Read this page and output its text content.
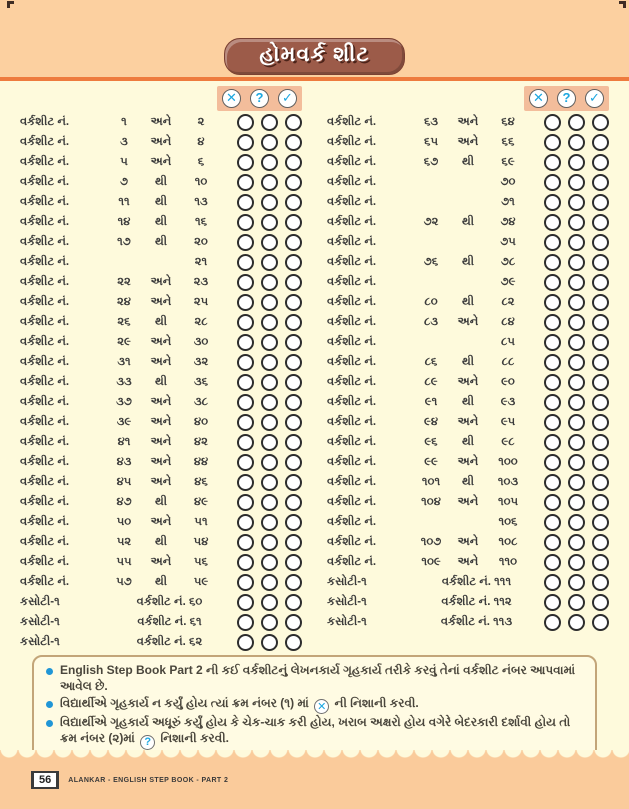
હોમવર્ક શીટ
✕	?	✓
વર્કશીટ નં.	૧	અને	૨
વર્કશીટ નં.	૩	અને	૪
વર્કશીટ નં.	૫	અને	૬
વર્કશીટ નં.	૭	થી	૧૦
વર્કશીટ નં.	૧૧	થી	૧૩
વર્કશીટ નં.	૧૪	થી	૧૬
વર્કશીટ નં.	૧૭	થી	૨૦
વર્કશીટ નં.	૨૧
વર્કશીટ નં.	૨૨	અને	૨૩
વર્કશીટ નં.	૨૪	અને	૨૫
વર્કશીટ નં.	૨૬	થી	૨૮
વર્કશીટ નં.	૨૯	અને	૩૦
વર્કશીટ નં.	૩૧	અને	૩૨
વર્કશીટ નં.	૩૩	થી	૩૬
વર્કશીટ નં.	૩૭	અને	૩૮
વર્કશીટ નં.	૩૯	અને	૪૦
વર્કશીટ નં.	૪૧	અને	૪૨
વર્કશીટ નં.	૪૩	અને	૪૪
વર્કશીટ નં.	૪૫	અને	૪૬
વર્કશીટ નં.	૪૭	થી	૪૯
વર્કશીટ નં.	૫૦	અને	૫૧
વર્કશીટ નં.	૫૨	થી	૫૪
વર્કશીટ નં.	૫૫	અને	૫૬
વર્કશીટ નં.	૫૭	થી	૫૯
કસોટી-૧	વર્કશીટ નં. ૬૦
કસોટી-૧	વર્કશીટ નં. ૬૧
કસોટી-૧	વર્કશીટ નં. ૬૨
✕	?	✓
વર્કશીટ નં.	૬૩	અને	૬૪
વર્કશીટ નં.	૬૫	અને	૬૬
વર્કશીટ નં.	૬૭	થી	૬૯
વર્કશીટ નં.	૭૦
વર્કશીટ નં.	૭૧
વર્કશીટ નં.	૭૨	થી	૭૪
વર્કશીટ નં.	૭૫
વર્કશીટ નં.	૭૬	થી	૭૮
વર્કશીટ નં.	૭૯
વર્કશીટ નં.	૮૦	થી	૮૨
વર્કશીટ નં.	૮૩	અને	૮૪
વર્કશીટ નં.	૮૫
વર્કશીટ નં.	૮૬	થી	૮૮
વર્કશીટ નં.	૮૯	અને	૯૦
વર્કશીટ નં.	૯૧	થી	૯૩
વર્કશીટ નં.	૯૪	અને	૯૫
વર્કશીટ નં.	૯૬	થી	૯૮
વર્કશીટ નં.	૯૯	અને	૧૦૦
વર્કશીટ નં.	૧૦૧	થી	૧૦૩
વર્કશીટ નં.	૧૦૪	અને	૧૦૫
વર્કશીટ નં.	૧૦૬
વર્કશીટ નં.	૧૦૭	અને	૧૦૮
વર્કશીટ નં.	૧૦૯	અને	૧૧૦
કસોટી-૧	વર્કશીટ નં. ૧૧૧
કસોટી-૧	વર્કશીટ નં. ૧૧૨
કસોટી-૧	વર્કશીટ નં. ૧૧૩
English Step Book Part 2 ની કઈ વર્કશીટનું લેખનકાર્ય ગૃહકાર્ય તરીકે કરવું તેનાં વર્કશીટ નંબર આપવામાં આવેલ છે.
વિદ્યાર્થીએ ગૃહકાર્ય ન કર્યું હોય ત્યાં ક્રમ નંબર (૧) માં ✕ ની નિશાની કરવી.
વિદ્યાર્થીએ ગૃહકાર્ય અધૂરું કર્યું હોય કે ચેક-ચાક કરી હોય, ખરાબ અક્ષરો હોય વગેરે બેદરકારી દર્શાવી હોય તો ક્રમ નંબર (૨)માં ? નિશાની કરવી.
56	ALANKAR - ENGLISH STEP BOOK - PART 2
